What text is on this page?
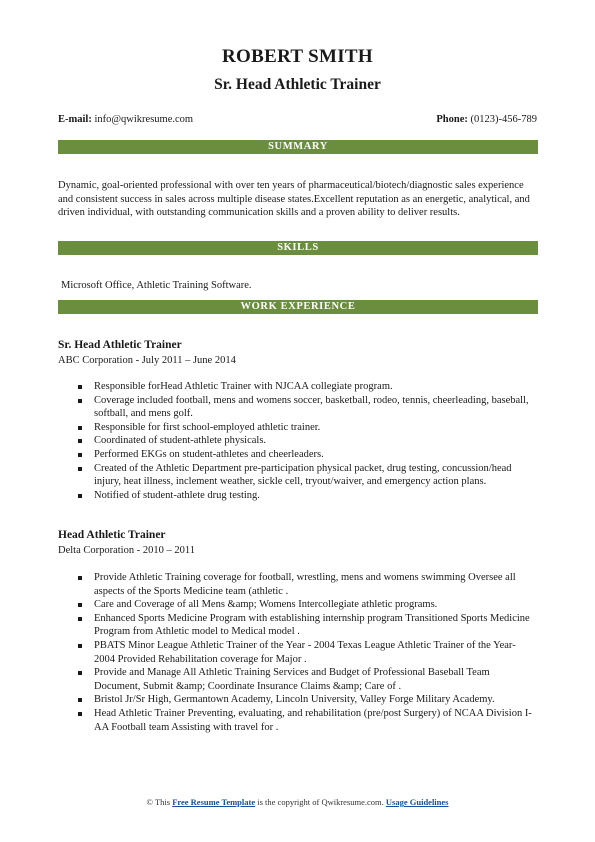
ROBERT SMITH
Sr. Head Athletic Trainer
E-mail: info@qwikresume.com	Phone: (0123)-456-789
SUMMARY
Dynamic, goal-oriented professional with over ten years of pharmaceutical/biotech/diagnostic sales experience and consistent success in sales across multiple disease states.Excellent reputation as an energetic, analytical, and driven individual, with outstanding communication skills and a proven ability to deliver results.
SKILLS
Microsoft Office, Athletic Training Software.
WORK EXPERIENCE
Sr. Head Athletic Trainer
ABC Corporation - July 2011 – June 2014
Responsible forHead Athletic Trainer with NJCAA collegiate program.
Coverage included football, mens and womens soccer, basketball, rodeo, tennis, cheerleading, baseball, softball, and mens golf.
Responsible for first school-employed athletic trainer.
Coordinated of student-athlete physicals.
Performed EKGs on student-athletes and cheerleaders.
Created of the Athletic Department pre-participation physical packet, drug testing, concussion/head injury, heat illness, inclement weather, sickle cell, tryout/waiver, and emergency action plans.
Notified of student-athlete drug testing.
Head Athletic Trainer
Delta Corporation - 2010 – 2011
Provide Athletic Training coverage for football, wrestling, mens and womens swimming Oversee all aspects of the Sports Medicine team (athletic .
Care and Coverage of all Mens &amp; Womens Intercollegiate athletic programs.
Enhanced Sports Medicine Program with establishing internship program Transitioned Sports Medicine Program from Athletic model to Medical model .
PBATS Minor League Athletic Trainer of the Year - 2004 Texas League Athletic Trainer of the Year- 2004 Provided Rehabilitation coverage for Major .
Provide and Manage All Athletic Training Services and Budget of Professional Baseball Team Document, Submit &amp; Coordinate Insurance Claims &amp; Care of .
Bristol Jr/Sr High, Germantown Academy, Lincoln University, Valley Forge Military Academy.
Head Athletic Trainer Preventing, evaluating, and rehabilitation (pre/post Surgery) of NCAA Division I-AA Football team Assisting with travel for .
© This Free Resume Template is the copyright of Qwikresume.com. Usage Guidelines
